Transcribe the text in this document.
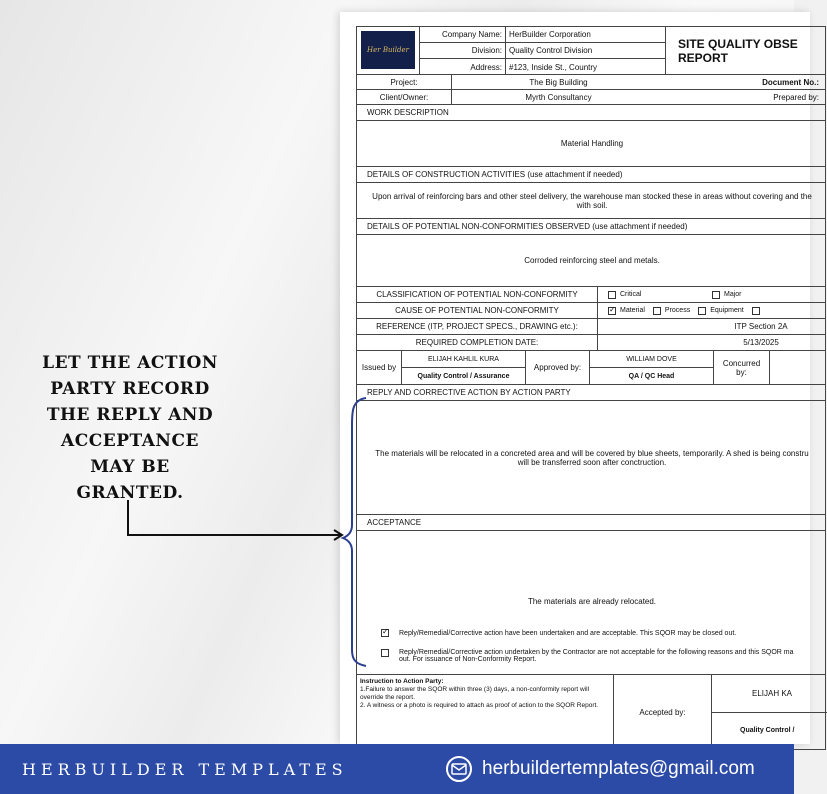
LET THE ACTION
PARTY RECORD
THE REPLY AND
ACCEPTANCE
MAY BE
GRANTED.
Her Builder
Company Name: HerBuilder Corporation
Division: Quality Control Division
Address: #123, Inside St., Country
SITE QUALITY OBSE
REPORT
Project:	The Big Building	Document No.:
Client/Owner:	Myrth Consultancy	Prepared by:
WORK DESCRIPTION
Material Handling
DETAILS OF CONSTRUCTION ACTIVITIES (use attachment if needed)
Upon arrival of reinforcing bars and other steel delivery, the warehouse man stocked these in areas without covering and the
with soil.
DETAILS OF POTENTIAL NON-CONFORMITIES OBSERVED (use attachment if needed)
Corroded reinforcing steel and metals.
CLASSIFICATION OF POTENTIAL NON-CONFORMITY	Critical	Major
CAUSE OF POTENTIAL NON-CONFORMITY
✓	Material	Process	Equipment
REFERENCE (ITP, PROJECT SPECS., DRAWING etc.):	ITP Section 2A
REQUIRED COMPLETION DATE:	5/13/2025
Issued by
ELIJAH KAHLIL KURA
Quality Control / Assurance
Approved by:
WILLIAM DOVE
QA / QC Head
Concurred by:
REPLY AND CORRECTIVE ACTION BY ACTION PARTY
The materials will be relocated in a concreted area and will be covered by blue sheets, temporarily. A shed is being constru
will be transferred soon after conctruction.
ACCEPTANCE
The materials are already relocated.
✓
Reply/Remedial/Corrective action have been undertaken and are acceptable. This SQOR may be closed out.
Reply/Remedial/Corrective action undertaken by the Contractor are not acceptable for the following reasons and this SQOR ma
out. For issuance of Non-Conformity Report.
Instruction to Action Party:
1.Failure to answer the SQOR within three (3) days, a non-conformity report will override the report.
2. A witness or a photo is required to attach as proof of action to the SQOR Report.
Accepted by:
ELIJAH KA
Quality Control /
HERBUILDER TEMPLATES	herbuildertemplates@gmail.com
